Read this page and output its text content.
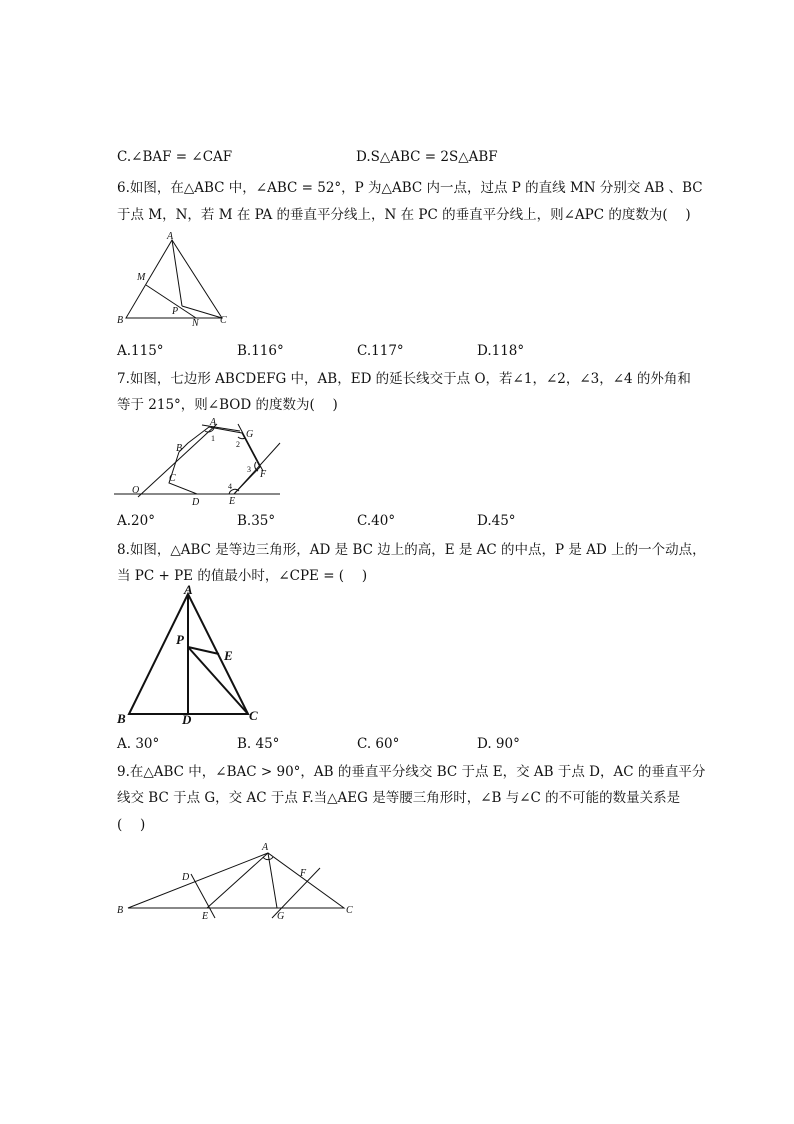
C.∠BAF = ∠CAF	D.S△ABC = 2S△ABF
6.如图，在△ABC 中，∠ABC = 52°，P 为△ABC 内一点，过点 P 的直线 MN 分别交 AB 、BC
于点 M，N，若 M 在 PA 的垂直平分线上，N 在 PC 的垂直平分线上，则∠APC 的度数为(　 )
A
M
B
P
N C
A.115°	B.116°	C.117°	D.118°
7.如图，七边形 ABCDEFG 中，AB，ED 的延长线交于点 O，若∠1，∠2，∠3，∠4 的外角和
等于 215°，则∠BOD 的度数为(　 )
A
G
B
C	F
O
D	E
1
2
3
4
A.20°	B.35°	C.40°	D.45°
8.如图，△ABC 是等边三角形，AD 是 BC 边上的高，E 是 AC 的中点，P 是 AD 上的一个动点，
当 PC + PE 的值最小时，∠CPE = (　 )
A
P
E
B	D	C
A. 30°	B. 45°	C. 60°	D. 90°
9.在△ABC 中，∠BAC > 90°，AB 的垂直平分线交 BC 于点 E，交 AB 于点 D，AC 的垂直平分
线交 BC 于点 G，交 AC 于点 F.当△AEG 是等腰三角形时，∠B 与∠C 的不可能的数量关系是
(　 )
A
D	F
B
E	G
C
